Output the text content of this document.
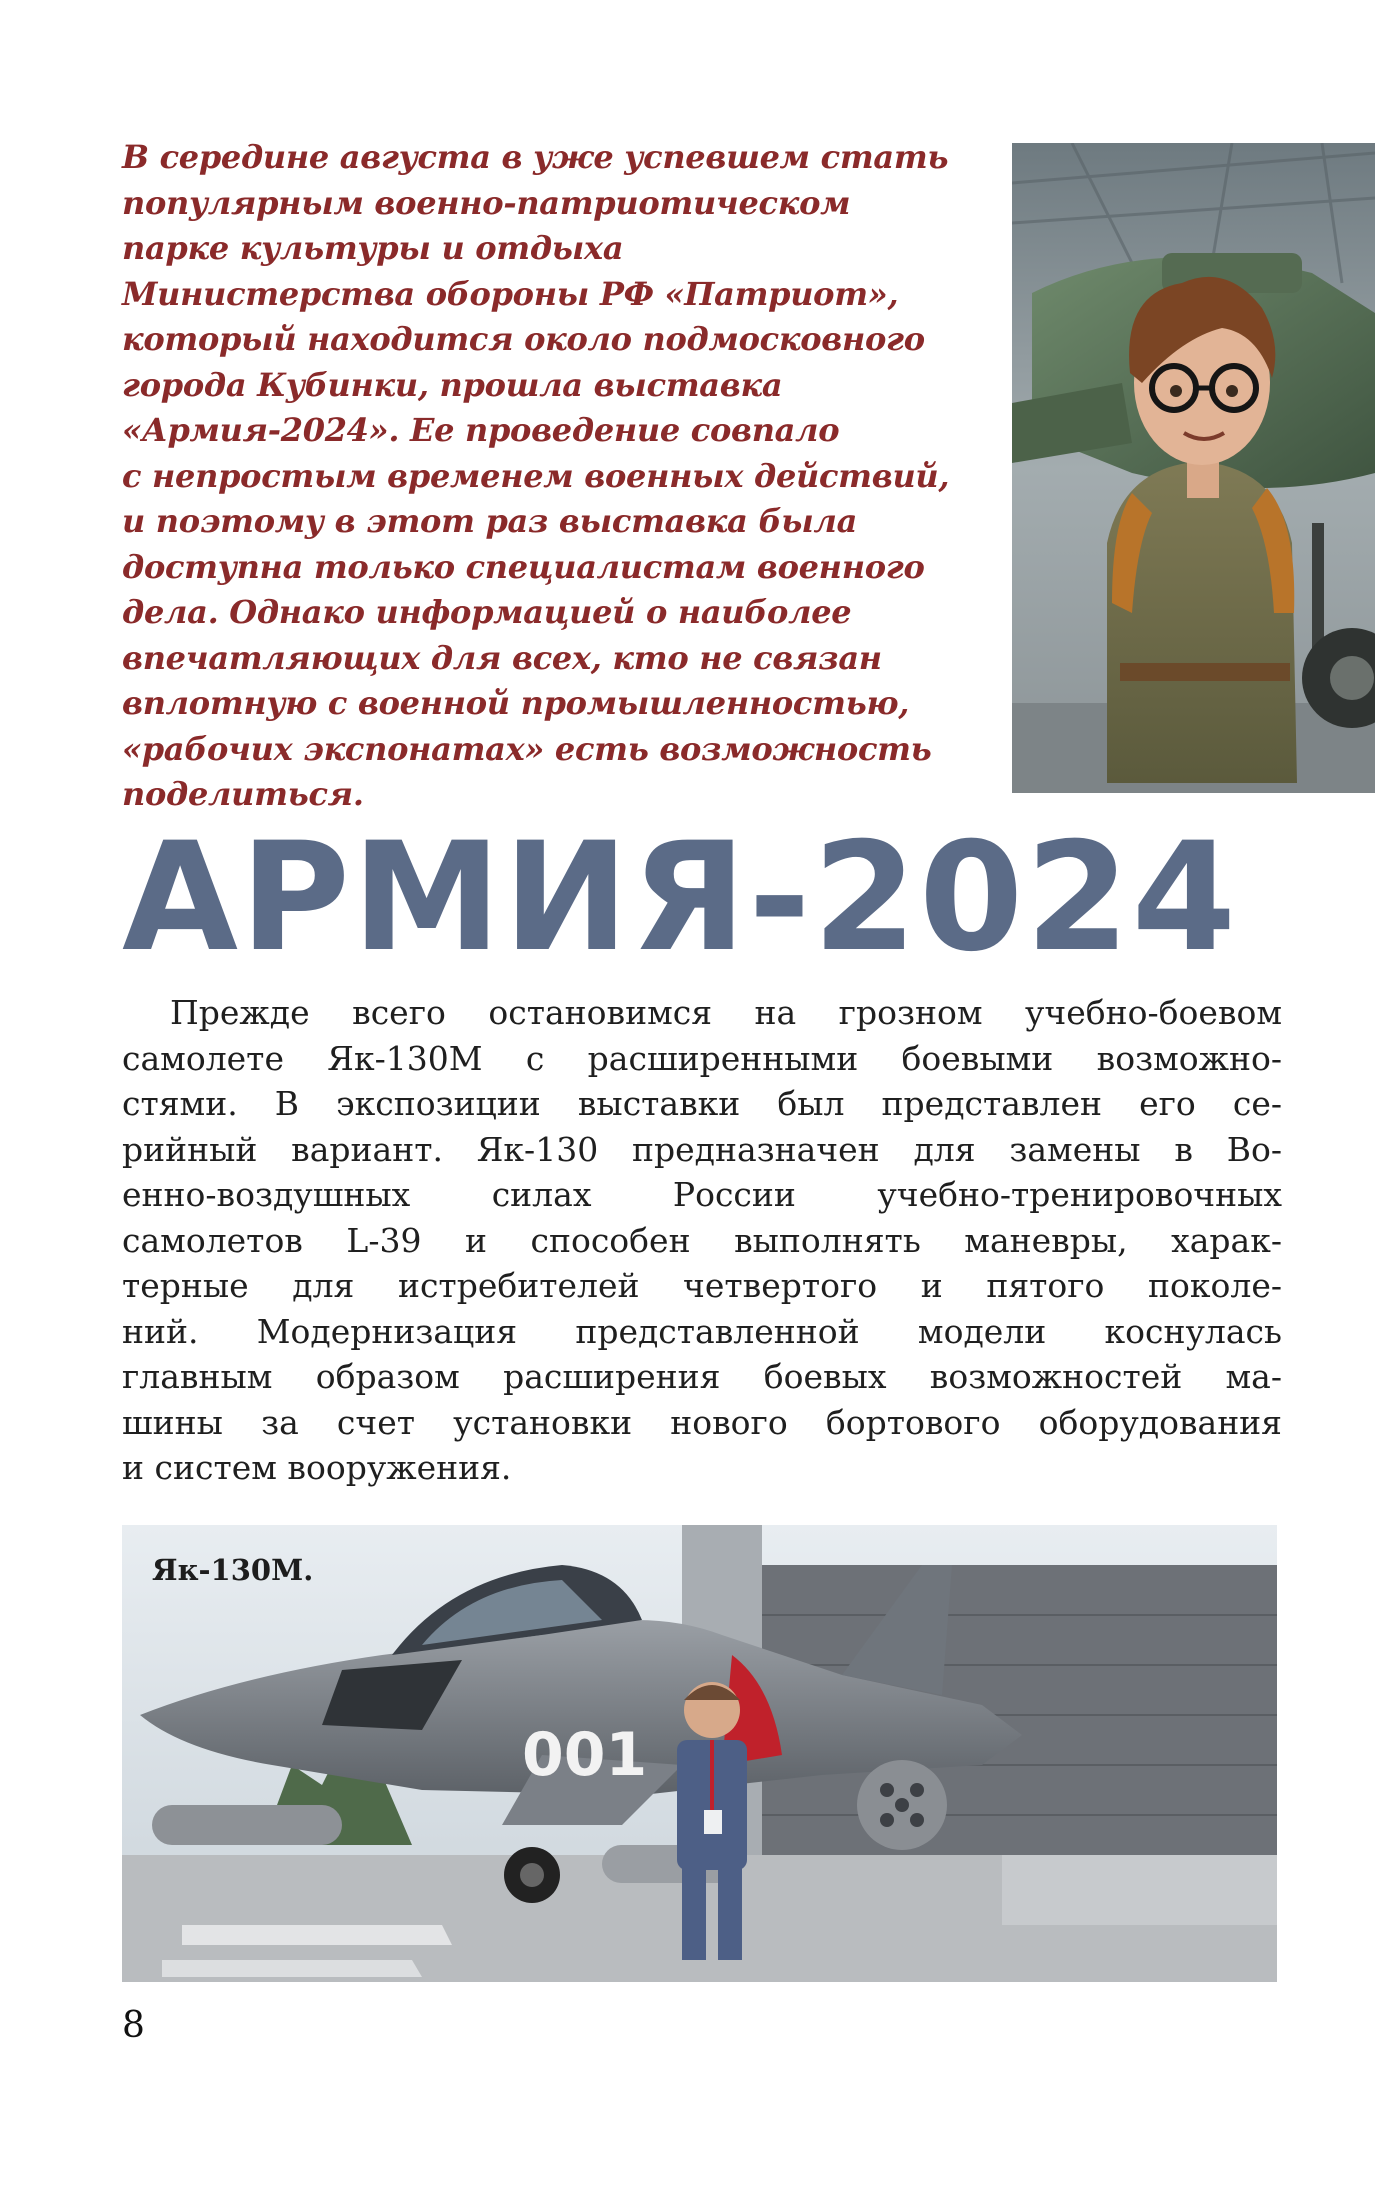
В середине августа в уже успевшем стать
популярным военно-патриотическом
парке культуры и отдыха
Министерства обороны РФ «Патриот»,
который находится около подмосковного
города Кубинки, прошла выставка
«Армия-2024». Ее проведение совпало
с непростым временем военных действий,
и поэтому в этот раз выставка была
доступна только специалистам военного
дела. Однако информацией о наиболее
впечатляющих для всех, кто не связан
вплотную с военной промышленностью,
«рабочих экспонатах» есть возможность
поделиться.
АРМИЯ-2024
Прежде всего остановимся на грозном учебно-боевом
самолете Як-130М с расширенными боевыми возможно-
стями. В экспозиции выставки был представлен его се-
рийный вариант. Як-130 предназначен для замены в Во-
енно-воздушных силах России учебно-тренировочных
самолетов L-39 и способен выполнять маневры, харак-
терные для истребителей четвертого и пятого поколе-
ний. Модернизация представленной модели коснулась
главным образом расширения боевых возможностей ма-
шины за счет установки нового бортового оборудования
и систем вооружения.
001
Як-130М.
8
